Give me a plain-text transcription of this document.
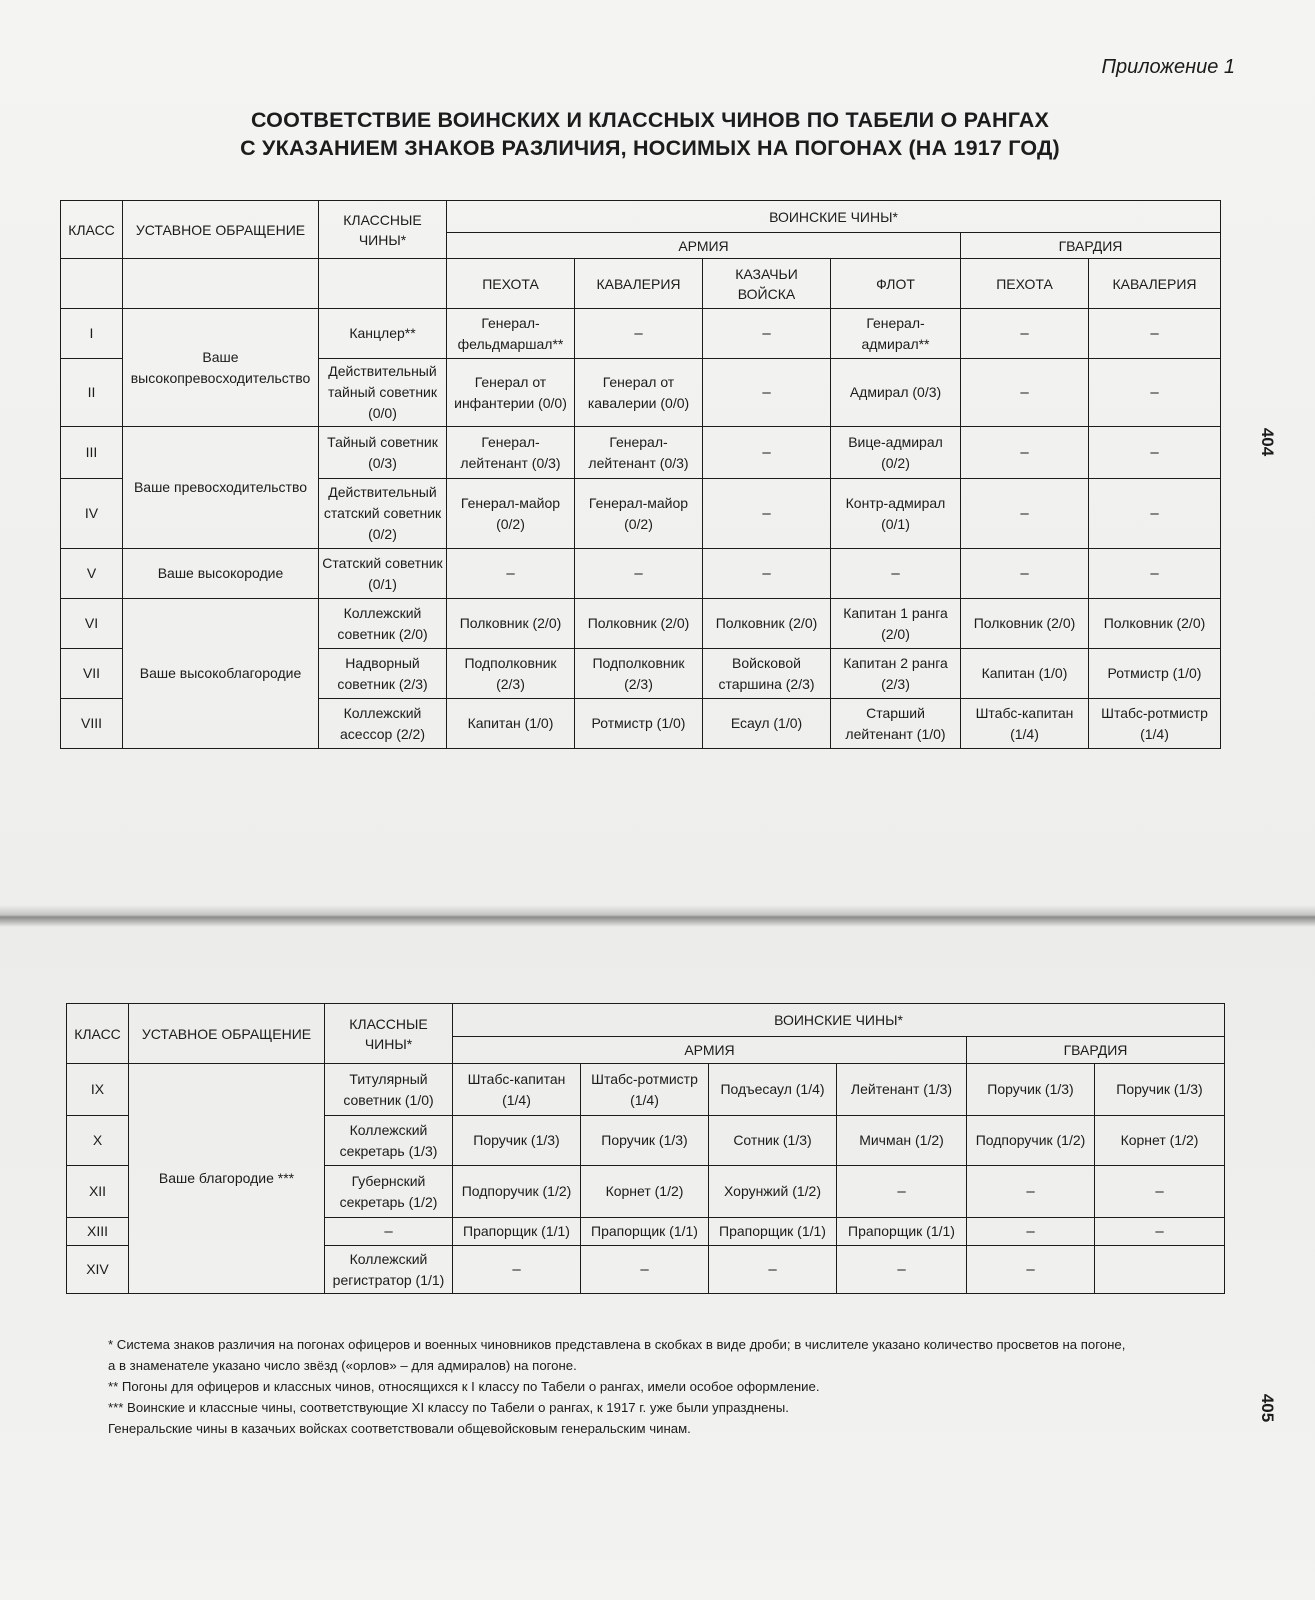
Приложение 1
СООТВЕТСТВИЕ ВОИНСКИХ И КЛАССНЫХ ЧИНОВ ПО ТАБЕЛИ О РАНГАХ
С УКАЗАНИЕМ ЗНАКОВ РАЗЛИЧИЯ, НОСИМЫХ НА ПОГОНАХ (НА 1917 ГОД)
404
405
КЛАСС	УСТАВНОЕ ОБРАЩЕНИЕ	КЛАССНЫЕ ЧИНЫ*	ВОИНСКИЕ ЧИНЫ*					
			АРМИЯ				ГВАРДИЯ	
			ПЕХОТА	КАВАЛЕРИЯ	КАЗАЧЬИ ВОЙСКА	ФЛОТ	ПЕХОТА	КАВАЛЕРИЯ
I	Ваше высокопревосходительство	Канцлер**	Генерал-фельдмаршал**	–	–	Генерал-адмирал**	–	–
II		Действительный тайный советник (0/0)	Генерал от инфантерии (0/0)	Генерал от кавалерии (0/0)	–	Адмирал (0/3)	–	–
III	Ваше превосходительство	Тайный советник (0/3)	Генерал-лейтенант (0/3)	Генерал-лейтенант (0/3)	–	Вице-адмирал (0/2)	–	–
IV		Действительный статский советник (0/2)	Генерал-майор (0/2)	Генерал-майор (0/2)	–	Контр-адмирал (0/1)	–	–
V	Ваше высокородие	Статский советник (0/1)	–	–	–	–	–	–
VI	Ваше высокоблагородие	Коллежский советник (2/0)	Полковник (2/0)	Полковник (2/0)	Полковник (2/0)	Капитан 1 ранга (2/0)	Полковник (2/0)	Полковник (2/0)
VII		Надворный советник (2/3)	Подполковник (2/3)	Подполковник (2/3)	Войсковой старшина (2/3)	Капитан 2 ранга (2/3)	Капитан (1/0)	Ротмистр (1/0)
VIII		Коллежский асессор (2/2)	Капитан (1/0)	Ротмистр (1/0)	Есаул (1/0)	Старший лейтенант (1/0)	Штабс-капитан (1/4)	Штабс-ротмистр (1/4)
КЛАСС	УСТАВНОЕ ОБРАЩЕНИЕ	КЛАССНЫЕ ЧИНЫ*	ВОИНСКИЕ ЧИНЫ*					
			АРМИЯ				ГВАРДИЯ	
IX	Ваше благородие ***	Титулярный советник (1/0)	Штабс-капитан (1/4)	Штабс-ротмистр (1/4)	Подъесаул (1/4)	Лейтенант (1/3)	Поручик (1/3)	Поручик (1/3)
X		Коллежский секретарь (1/3)	Поручик (1/3)	Поручик (1/3)	Сотник (1/3)	Мичман (1/2)	Подпоручик (1/2)	Корнет (1/2)
XII		Губернский секретарь (1/2)	Подпоручик (1/2)	Корнет (1/2)	Хорунжий (1/2)	–	–	–
XIII		–	Прапорщик (1/1)	Прапорщик (1/1)	Прапорщик (1/1)	Прапорщик (1/1)	–	–
XIV		Коллежский регистратор (1/1)	–	–	–	–	–	

* Система знаков различия на погонах офицеров и военных чиновников представлена в скобках в виде дроби; в числителе указано количество просветов на погоне,

а в знаменателе указано число звёзд («орлов» – для адмиралов) на погоне.

** Погоны для офицеров и классных чинов, относящихся к I классу по Табели о рангах, имели особое оформление.

*** Воинские и классные чины, соответствующие XI классу по Табели о рангах, к 1917 г. уже были упразднены.

Генеральские чины в казачьих войсках соответствовали общевойсковым генеральским чинам.
